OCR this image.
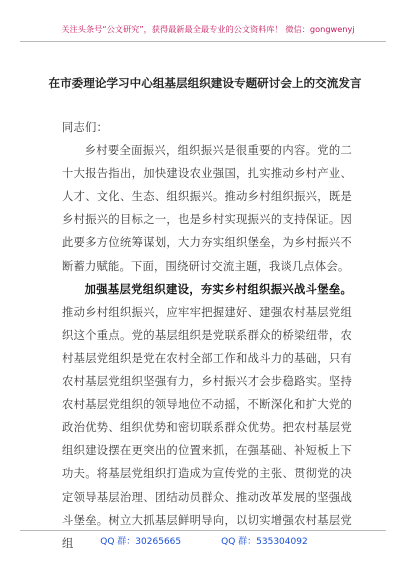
关注头条号“公文研究”，获得最新最全最专业的公文资料库！ 微信：gongwenyj
在市委理论学习中心组基层组织建设专题研讨会上的交流发言

同志们：

乡村要全面振兴，组织振兴是很重要的内容。党的二十大报告指出，加快建设农业强国，扎实推动乡村产业、人才、文化、生态、组织振兴。推动乡村组织振兴，既是乡村振兴的目标之一，也是乡村实现振兴的支持保证。因此要多方位统筹谋划，大力夯实组织堡垒，为乡村振兴不断蓄力赋能。下面，围绕研讨交流主题，我谈几点体会。

加强基层党组织建设，夯实乡村组织振兴战斗堡垒。推动乡村组织振兴，应牢牢把握建好、建强农村基层党组织这个重点。党的基层组织是党联系群众的桥梁纽带，农村基层党组织是党在农村全部工作和战斗力的基础，只有农村基层党组织坚强有力，乡村振兴才会步稳路实。坚持农村基层党组织的领导地位不动摇，不断深化和扩大党的政治优势、组织优势和密切联系群众优势。把农村基层党组织建设摆在更突出的位置来抓，在强基础、补短板上下功夫。将基层党组织打造成为宣传党的主张、贯彻党的决定领导基层治理、团结动员群众、推动改革发展的坚强战斗堡垒。树立大抓基层鲜明导向，以切实增强农村基层党组	QQ 群：30265665	QQ 群：535304092
